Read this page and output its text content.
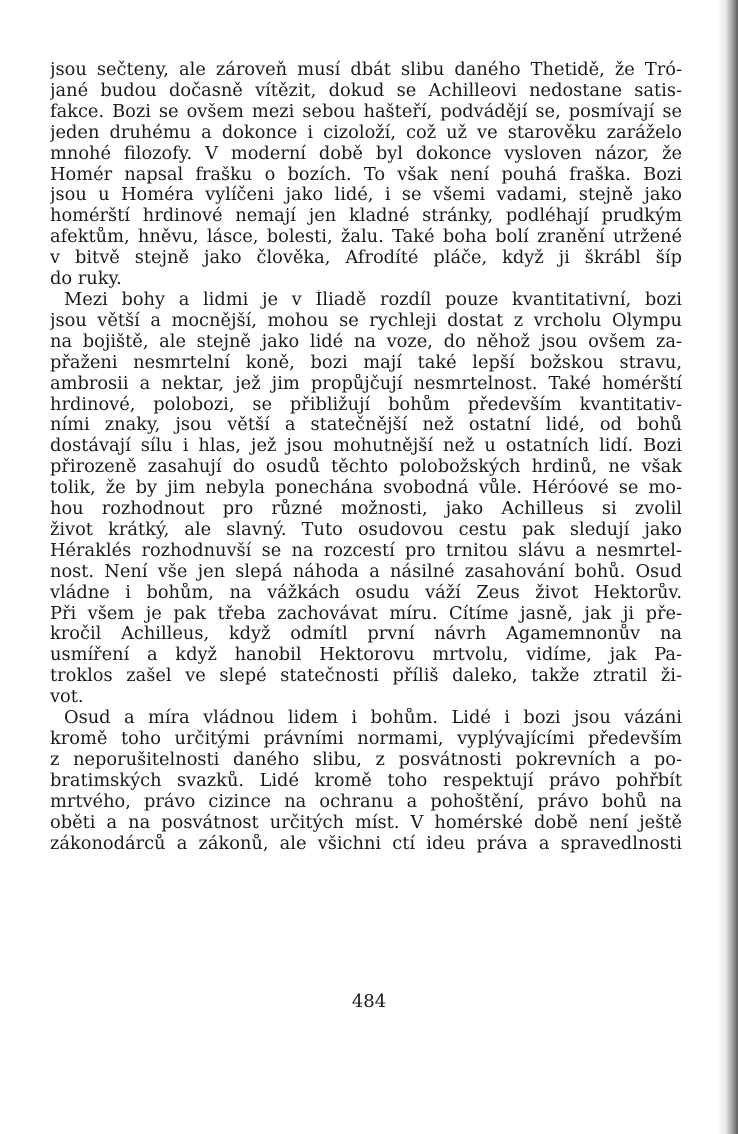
jsou sečteny, ale zároveň musí dbát slibu daného Thetidě, že Tró-
jané budou dočasně vítězit, dokud se Achilleovi nedostane satis-
fakce. Bozi se ovšem mezi sebou hašteří, podvádějí se, posmívají se
jeden druhému a dokonce i cizoloží, což už ve starověku zaráželo
mnohé filozofy. V moderní době byl dokonce vysloven názor, že
Homér napsal frašku o bozích. To však není pouhá fraška. Bozi
jsou u Homéra vylíčeni jako lidé, i se všemi vadami, stejně jako
homérští hrdinové nemají jen kladné stránky, podléhají prudkým
afektům, hněvu, lásce, bolesti, žalu. Také boha bolí zranění utržené
v bitvě stejně jako člověka, Afrodíté pláče, když ji škrábl šíp
do ruky.
Mezi bohy a lidmi je v Íliadě rozdíl pouze kvantitativní, bozi
jsou větší a mocnější, mohou se rychleji dostat z vrcholu Olympu
na bojiště, ale stejně jako lidé na voze, do něhož jsou ovšem za-
přaženi nesmrtelní koně, bozi mají také lepší božskou stravu,
ambrosii a nektar, jež jim propůjčují nesmrtelnost. Také homérští
hrdinové, polobozi, se přibližují bohům především kvantitativ-
ními znaky, jsou větší a statečnější než ostatní lidé, od bohů
dostávají sílu i hlas, jež jsou mohutnější než u ostatních lidí. Bozi
přirozeně zasahují do osudů těchto polobožských hrdinů, ne však
tolik, že by jim nebyla ponechána svobodná vůle. Héróové se mo-
hou rozhodnout pro různé možnosti, jako Achilleus si zvolil
život krátký, ale slavný. Tuto osudovou cestu pak sledují jako
Héraklés rozhodnuvší se na rozcestí pro trnitou slávu a nesmrtel-
nost. Není vše jen slepá náhoda a násilné zasahování bohů. Osud
vládne i bohům, na vážkách osudu váží Zeus život Hektorův.
Při všem je pak třeba zachovávat míru. Cítíme jasně, jak ji pře-
kročil Achilleus, když odmítl první návrh Agamemnonův na
usmíření a když hanobil Hektorovu mrtvolu, vidíme, jak Pa-
troklos zašel ve slepé statečnosti příliš daleko, takže ztratil ži-
vot.
Osud a míra vládnou lidem i bohům. Lidé i bozi jsou vázáni
kromě toho určitými právními normami, vyplývajícími především
z neporušitelnosti daného slibu, z posvátnosti pokrevních a po-
bratimských svazků. Lidé kromě toho respektují právo pohřbít
mrtvého, právo cizince na ochranu a pohoštění, právo bohů na
oběti a na posvátnost určitých míst. V homérské době není ještě
zákonodárců a zákonů, ale všichni ctí ideu práva a spravedlnosti
484
